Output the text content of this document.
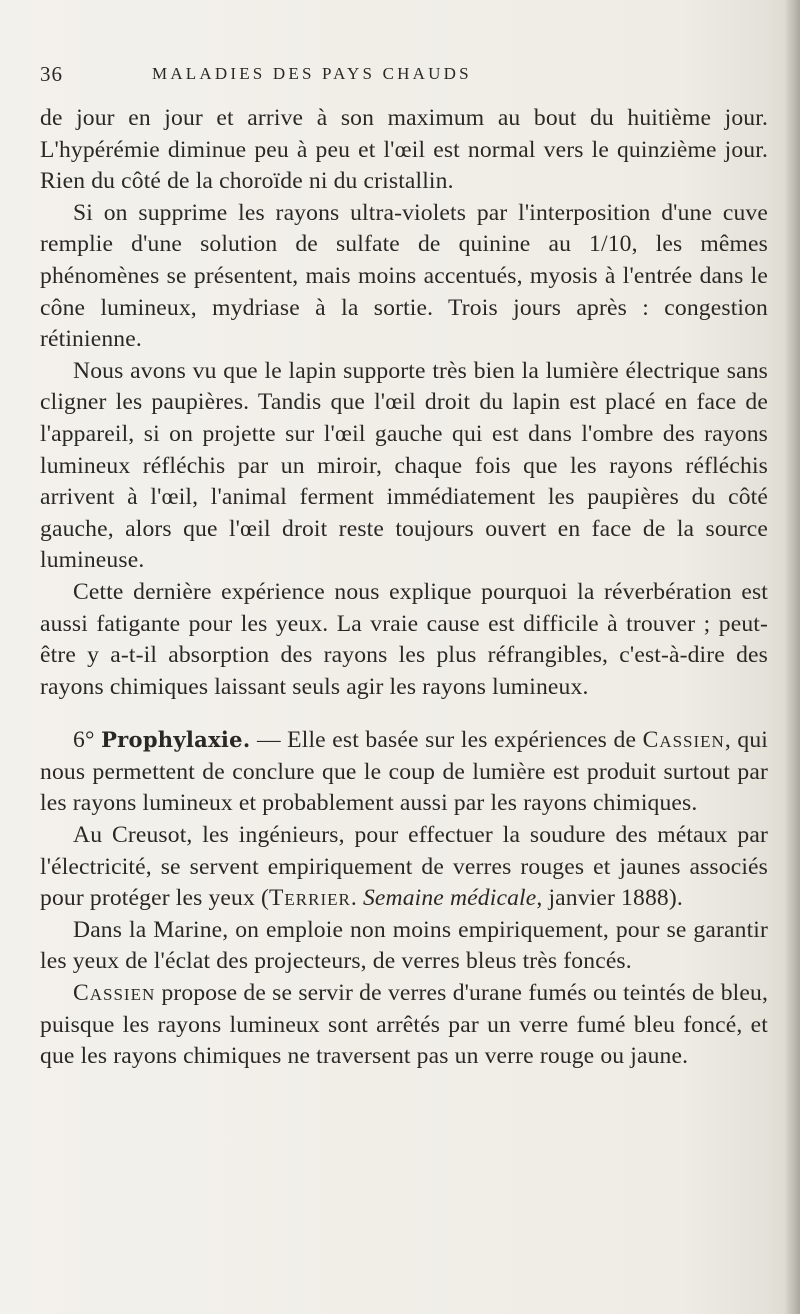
36	MALADIES DES PAYS CHAUDS

de jour en jour et arrive à son maximum au bout du huitième jour. L'hypérémie diminue peu à peu et l'œil est normal vers le quinzième jour. Rien du côté de la choroïde ni du cristallin.

Si on supprime les rayons ultra-violets par l'interposition d'une cuve remplie d'une solution de sulfate de quinine au 1/10, les mêmes phénomènes se présentent, mais moins accentués, myosis à l'entrée dans le cône lumineux, mydriase à la sortie. Trois jours après : congestion rétinienne.

Nous avons vu que le lapin supporte très bien la lumière électrique sans cligner les paupières. Tandis que l'œil droit du lapin est placé en face de l'appareil, si on projette sur l'œil gauche qui est dans l'ombre des rayons lumineux réfléchis par un miroir, chaque fois que les rayons réfléchis arrivent à l'œil, l'animal ferment immédiatement les paupières du côté gauche, alors que l'œil droit reste toujours ouvert en face de la source lumineuse.

Cette dernière expérience nous explique pourquoi la réverbération est aussi fatigante pour les yeux. La vraie cause est difficile à trouver ; peut-être y a-t-il absorption des rayons les plus réfrangibles, c'est-à-dire des rayons chimiques laissant seuls agir les rayons lumineux.

6° Prophylaxie. — Elle est basée sur les expériences de Cassien, qui nous permettent de conclure que le coup de lumière est produit surtout par les rayons lumineux et probablement aussi par les rayons chimiques.

Au Creusot, les ingénieurs, pour effectuer la soudure des métaux par l'électricité, se servent empiriquement de verres rouges et jaunes associés pour protéger les yeux (Terrier. Semaine médicale, janvier 1888).

Dans la Marine, on emploie non moins empiriquement, pour se garantir les yeux de l'éclat des projecteurs, de verres bleus très foncés.

Cassien propose de se servir de verres d'urane fumés ou teintés de bleu, puisque les rayons lumineux sont arrêtés par un verre fumé bleu foncé, et que les rayons chimiques ne traversent pas un verre rouge ou jaune.
